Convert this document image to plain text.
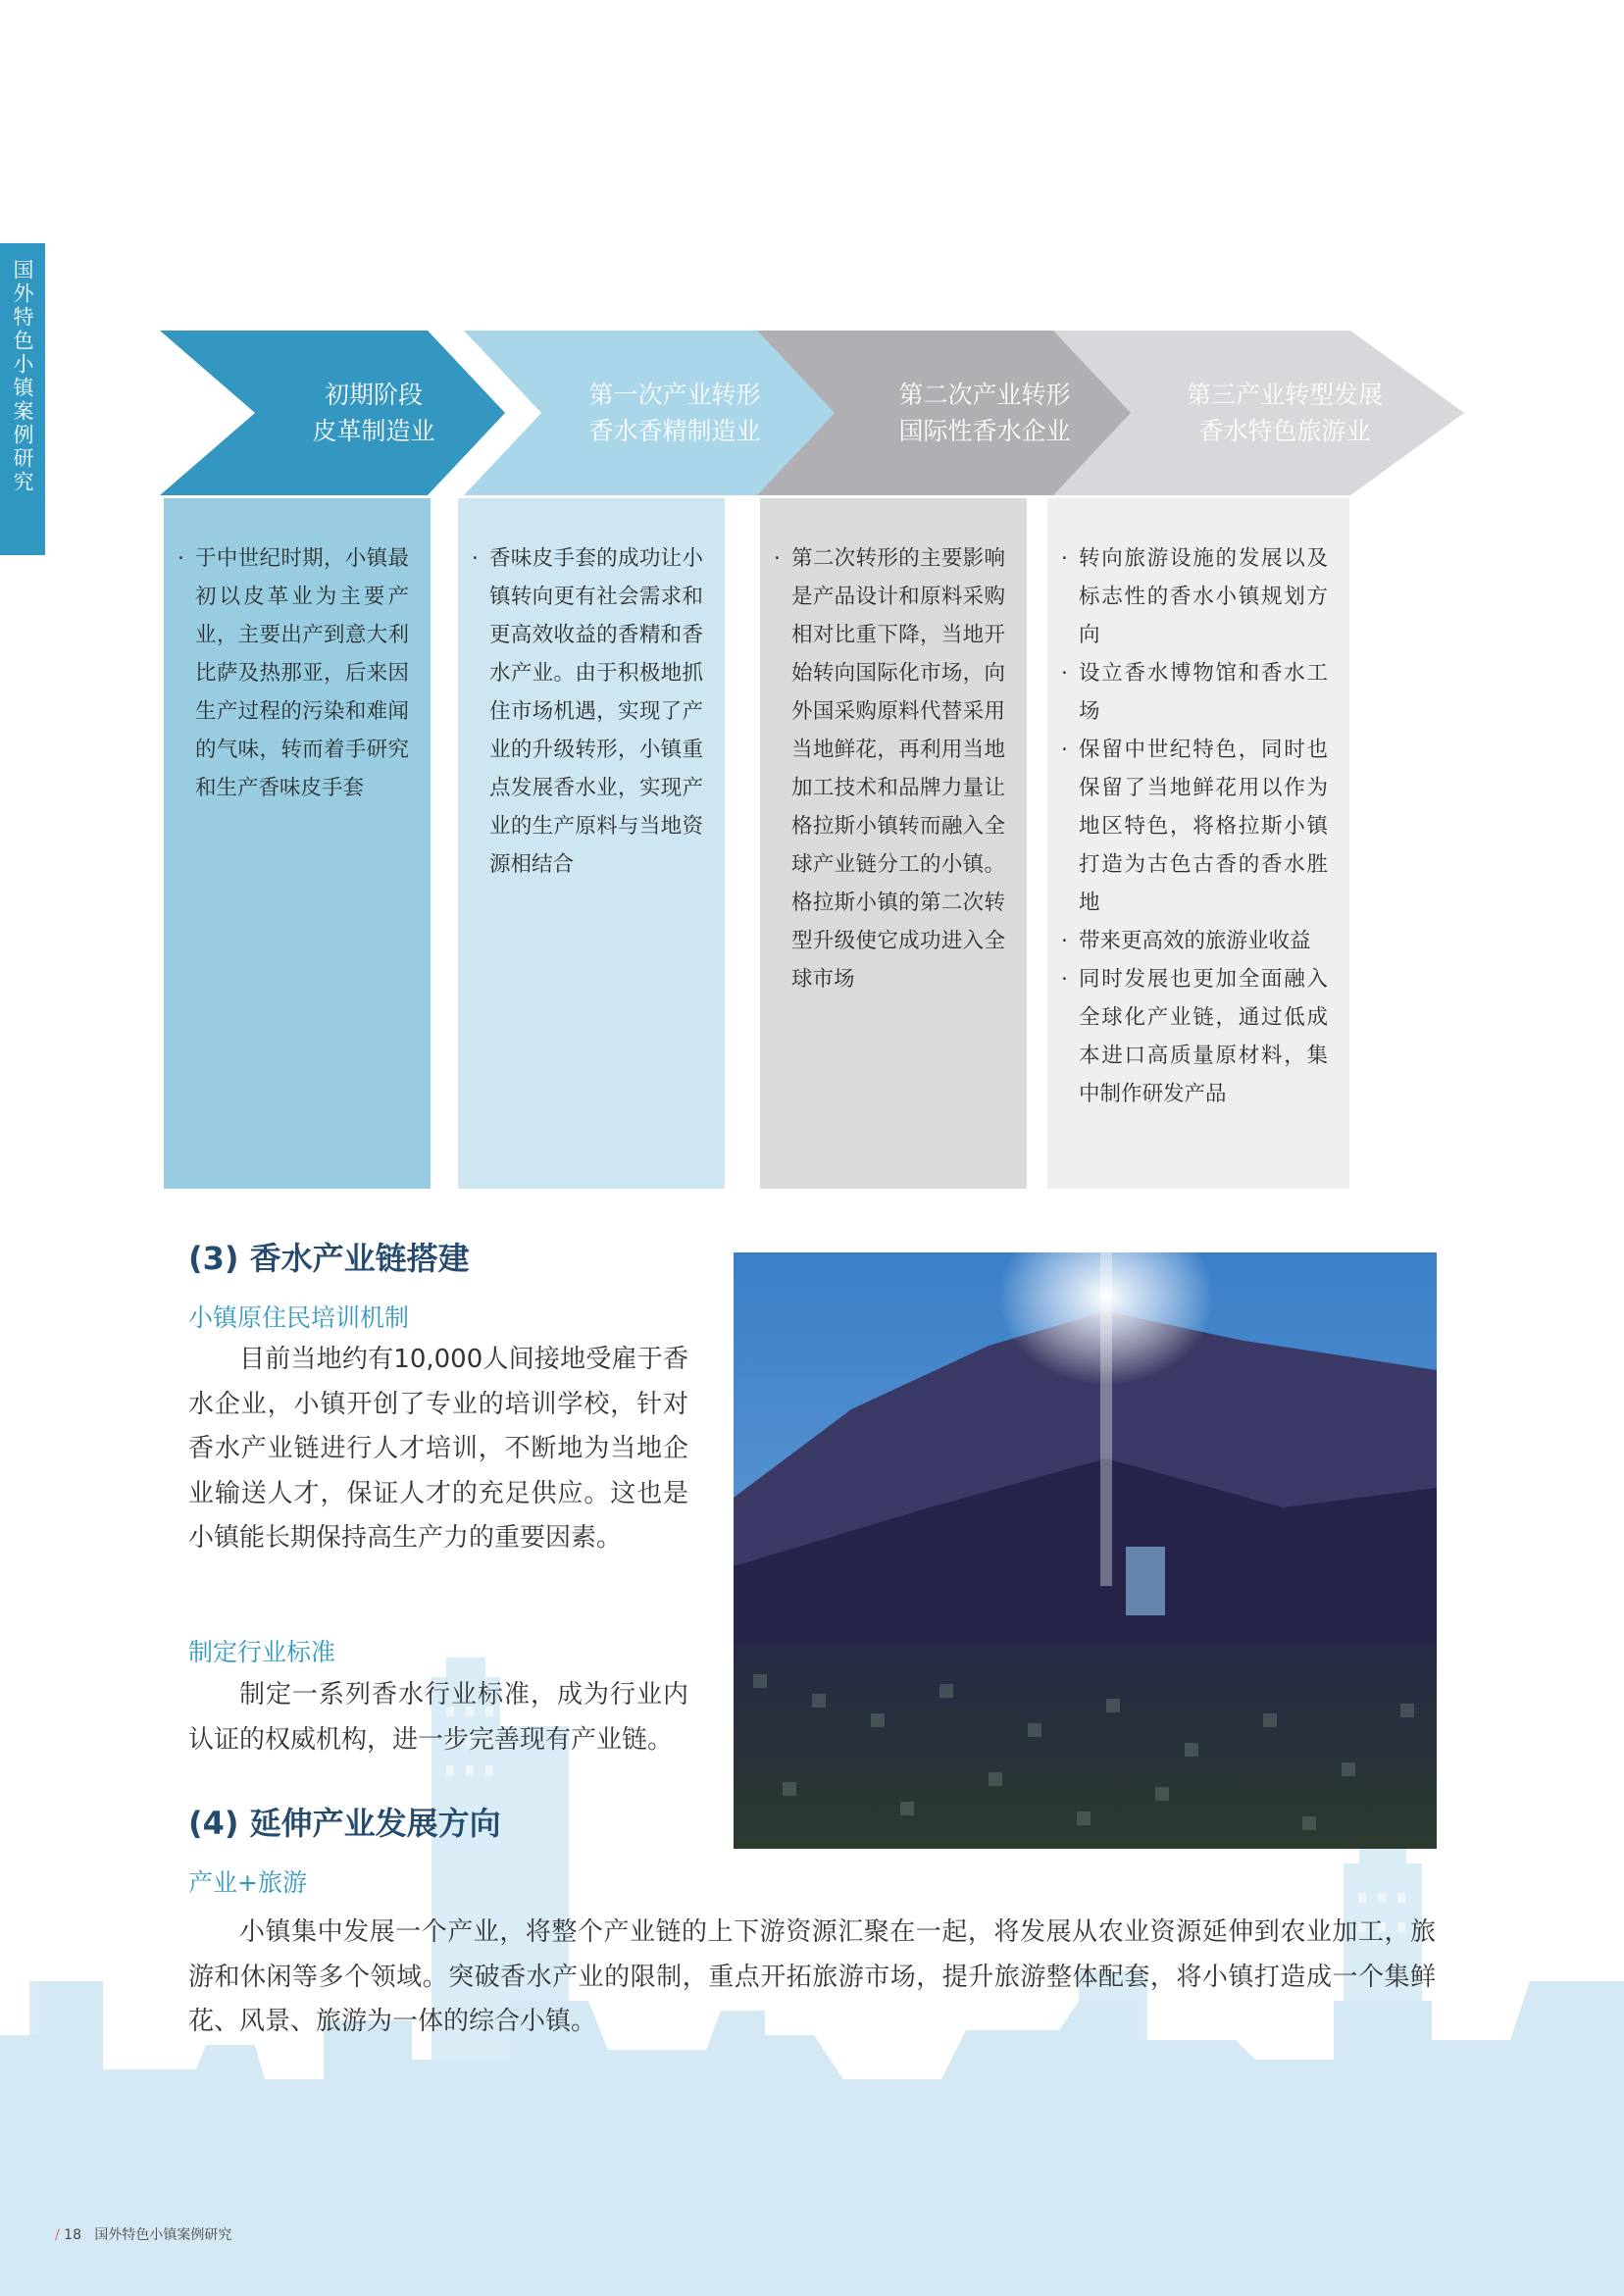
国外特色小镇案例研究	初期阶段
皮革制造业
第一次产业转形
香水香精制造业
第二次产业转形
国际性香水企业
第三产业转型发展
香水特色旅游业
· 于中世纪时期，小镇最初以皮革业为主要产业，主要出产到意大利比萨及热那亚，后来因生产过程的污染和难闻的气味，转而着手研究和生产香味皮手套
· 香味皮手套的成功让小镇转向更有社会需求和更高效收益的香精和香水产业。由于积极地抓住市场机遇，实现了产业的升级转形，小镇重点发展香水业，实现产业的生产原料与当地资源相结合
· 第二次转形的主要影响是产品设计和原料采购相对比重下降，当地开始转向国际化市场，向外国采购原料代替采用当地鲜花，再利用当地加工技术和品牌力量让格拉斯小镇转而融入全球产业链分工的小镇。格拉斯小镇的第二次转型升级使它成功进入全球市场
· 转向旅游设施的发展以及标志性的香水小镇规划方向
· 设立香水博物馆和香水工场
· 保留中世纪特色，同时也保留了当地鲜花用以作为地区特色，将格拉斯小镇打造为古色古香的香水胜地
· 带来更高效的旅游业收益
· 同时发展也更加全面融入全球化产业链，通过低成本进口高质量原材料，集中制作研发产品
(3) 香水产业链搭建
小镇原住民培训机制

目前当地约有10,000人间接地受雇于香水企业，小镇开创了专业的培训学校，针对香水产业链进行人才培训，不断地为当地企业输送人才，保证人才的充足供应。这也是小镇能长期保持高生产力的重要因素。

制定行业标准

制定一系列香水行业标准，成为行业内认证的权威机构，进一步完善现有产业链。

(4) 延伸产业发展方向
产业+旅游

小镇集中发展一个产业，将整个产业链的上下游资源汇聚在一起，将发展从农业资源延伸到农业加工，旅游和休闲等多个领域。突破香水产业的限制，重点开拓旅游市场，提升旅游整体配套，将小镇打造成一个集鲜花、风景、旅游为一体的综合小镇。

/ 18 国外特色小镇案例研究
